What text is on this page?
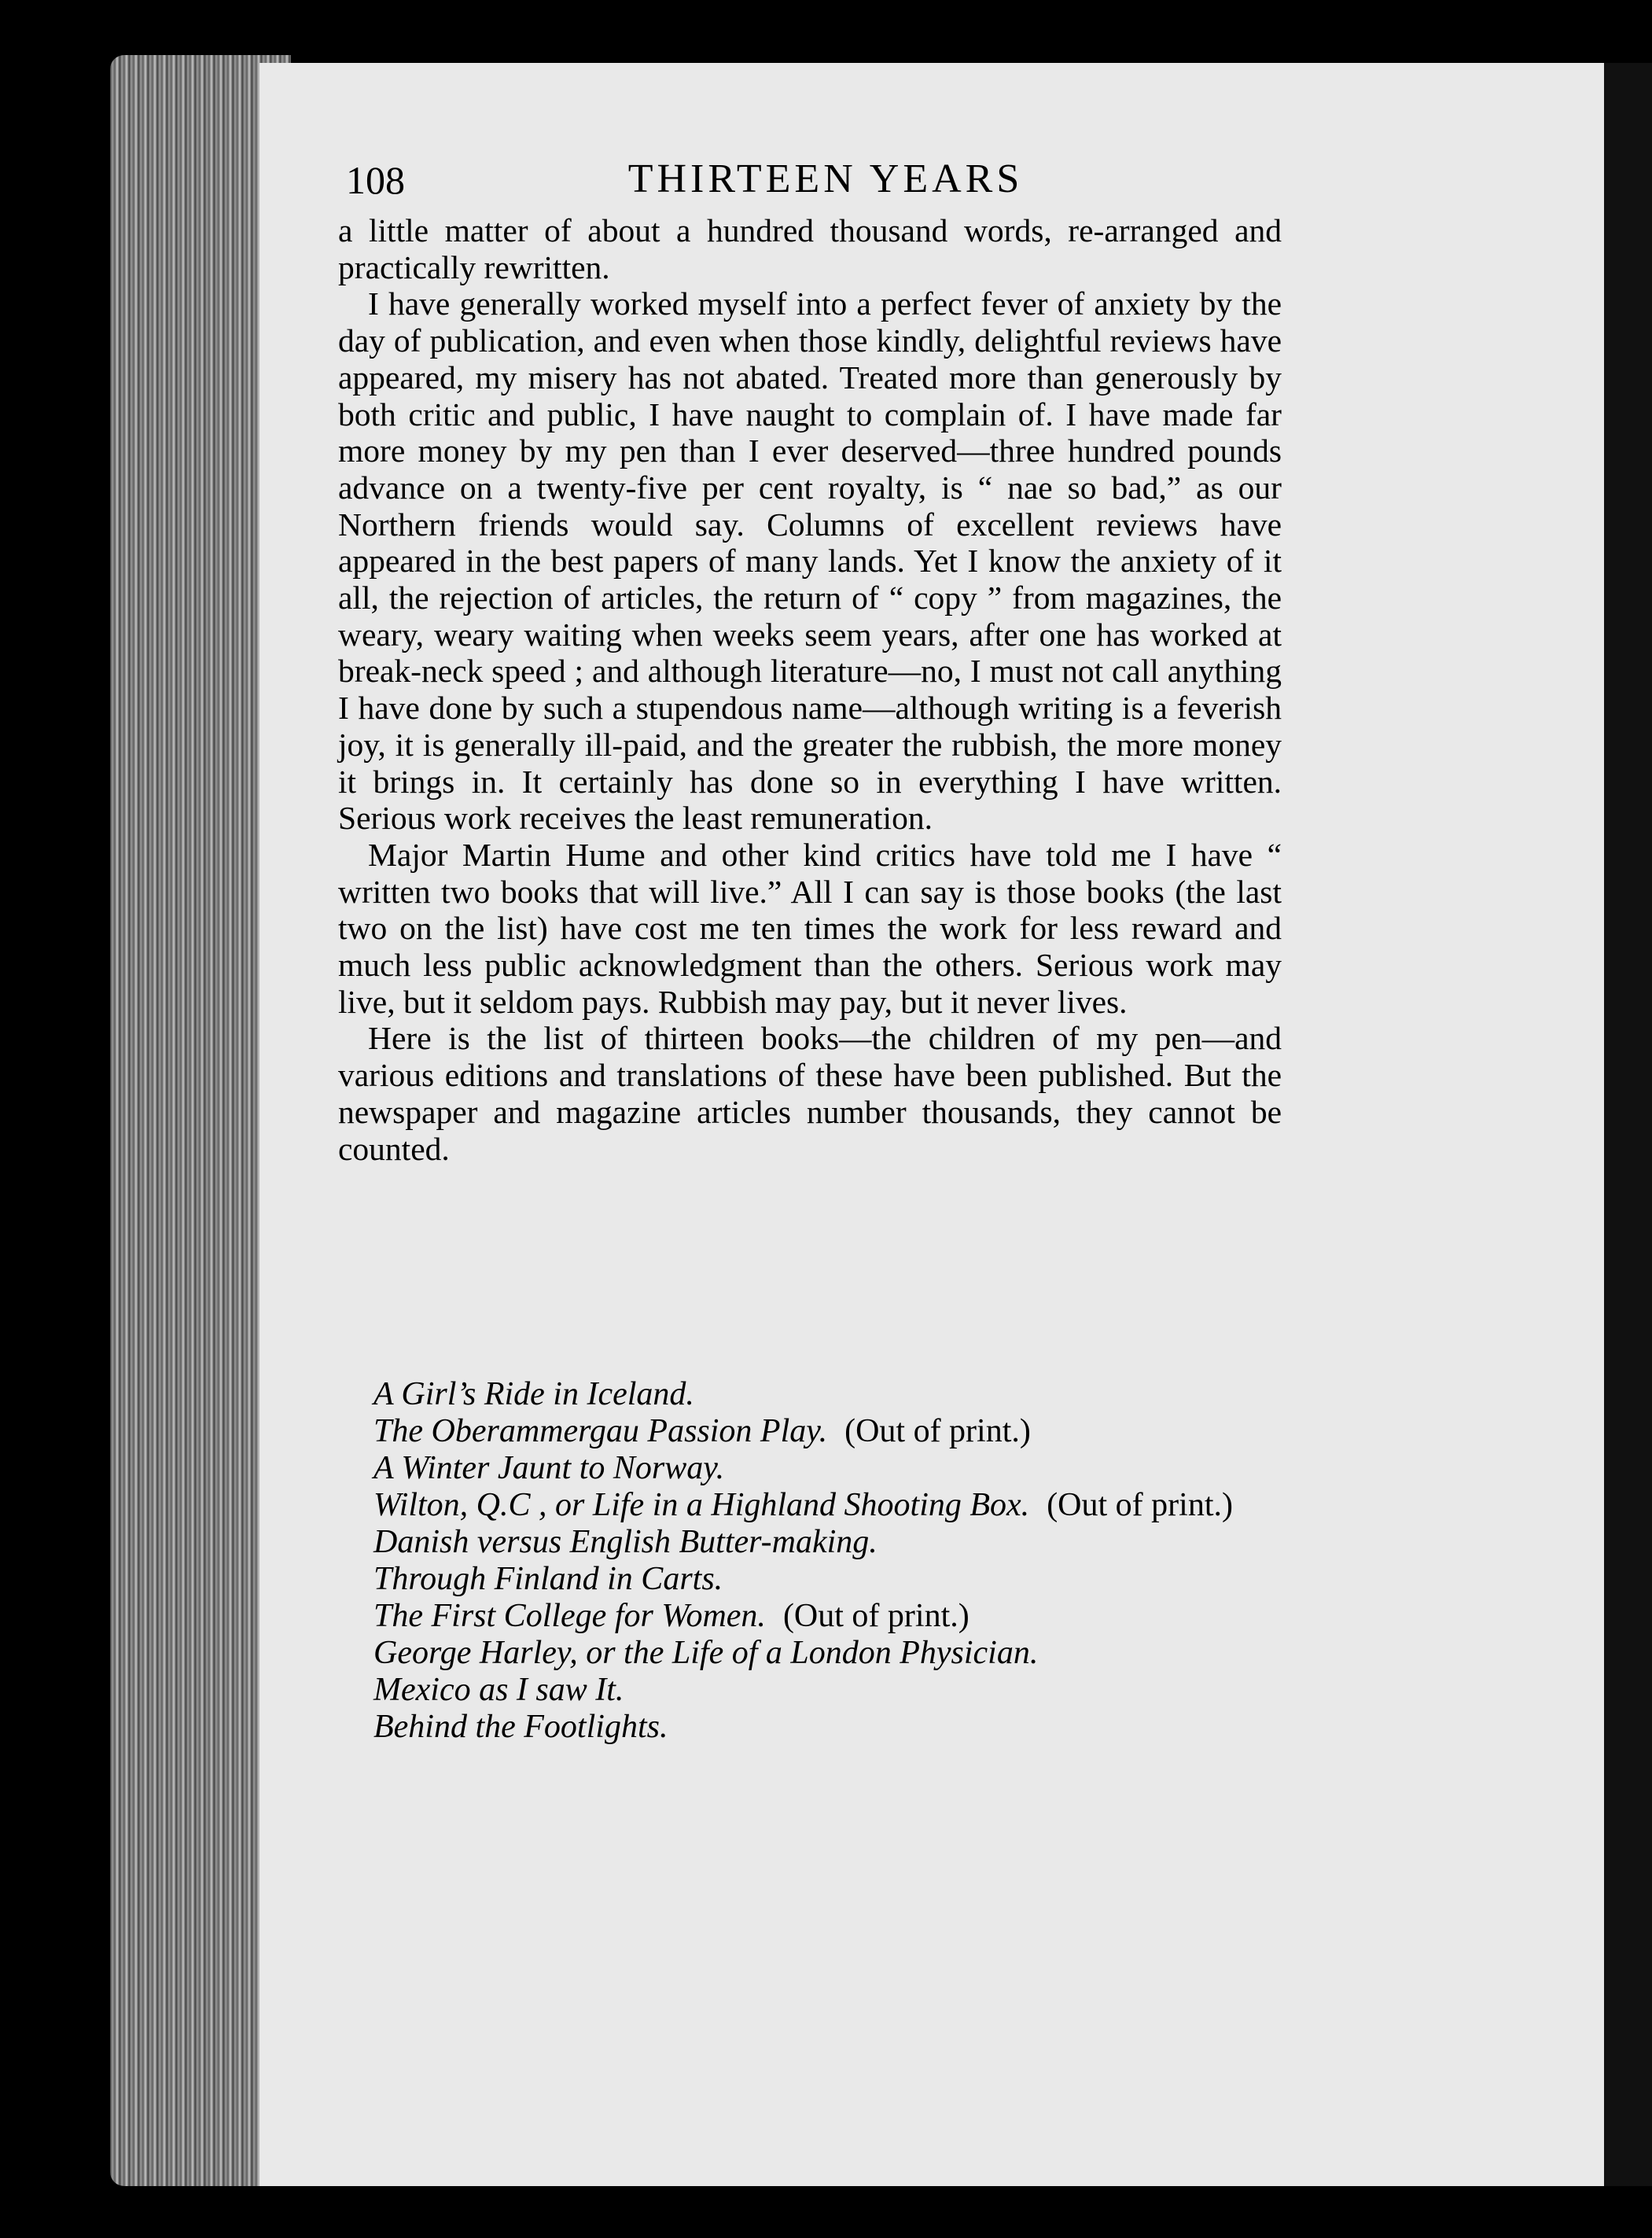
108	THIRTEEN YEARS

a little matter of about a hundred thousand words, re-arranged and practically rewritten.

I have generally worked myself into a perfect fever of anxiety by the day of publication, and even when those kindly, delightful reviews have appeared, my misery has not abated. Treated more than generously by both critic and public, I have naught to complain of. I have made far more money by my pen than I ever deserved—three hundred pounds advance on a twenty-five per cent royalty, is “ nae so bad,” as our Northern friends would say. Columns of excellent reviews have appeared in the best papers of many lands. Yet I know the anxiety of it all, the rejection of articles, the return of “ copy ” from magazines, the weary, weary waiting when weeks seem years, after one has worked at break-neck speed ; and although literature—no, I must not call anything I have done by such a stupendous name—although writing is a feverish joy, it is generally ill-paid, and the greater the rubbish, the more money it brings in. It certainly has done so in everything I have written. Serious work receives the least remuneration.

Major Martin Hume and other kind critics have told me I have “ written two books that will live.” All I can say is those books (the last two on the list) have cost me ten times the work for less reward and much less public acknowledgment than the others. Serious work may live, but it seldom pays. Rubbish may pay, but it never lives.

Here is the list of thirteen books—the children of my pen—and various editions and translations of these have been published. But the newspaper and magazine articles number thousands, they cannot be counted.

A Girl’s Ride in Iceland.
The Oberammergau Passion Play. (Out of print.)
A Winter Jaunt to Norway.
Wilton, Q.C , or Life in a Highland Shooting Box. (Out of print.)
Danish versus English Butter-making.
Through Finland in Carts.
The First College for Women. (Out of print.)
George Harley, or the Life of a London Physician.
Mexico as I saw It.
Behind the Footlights.
